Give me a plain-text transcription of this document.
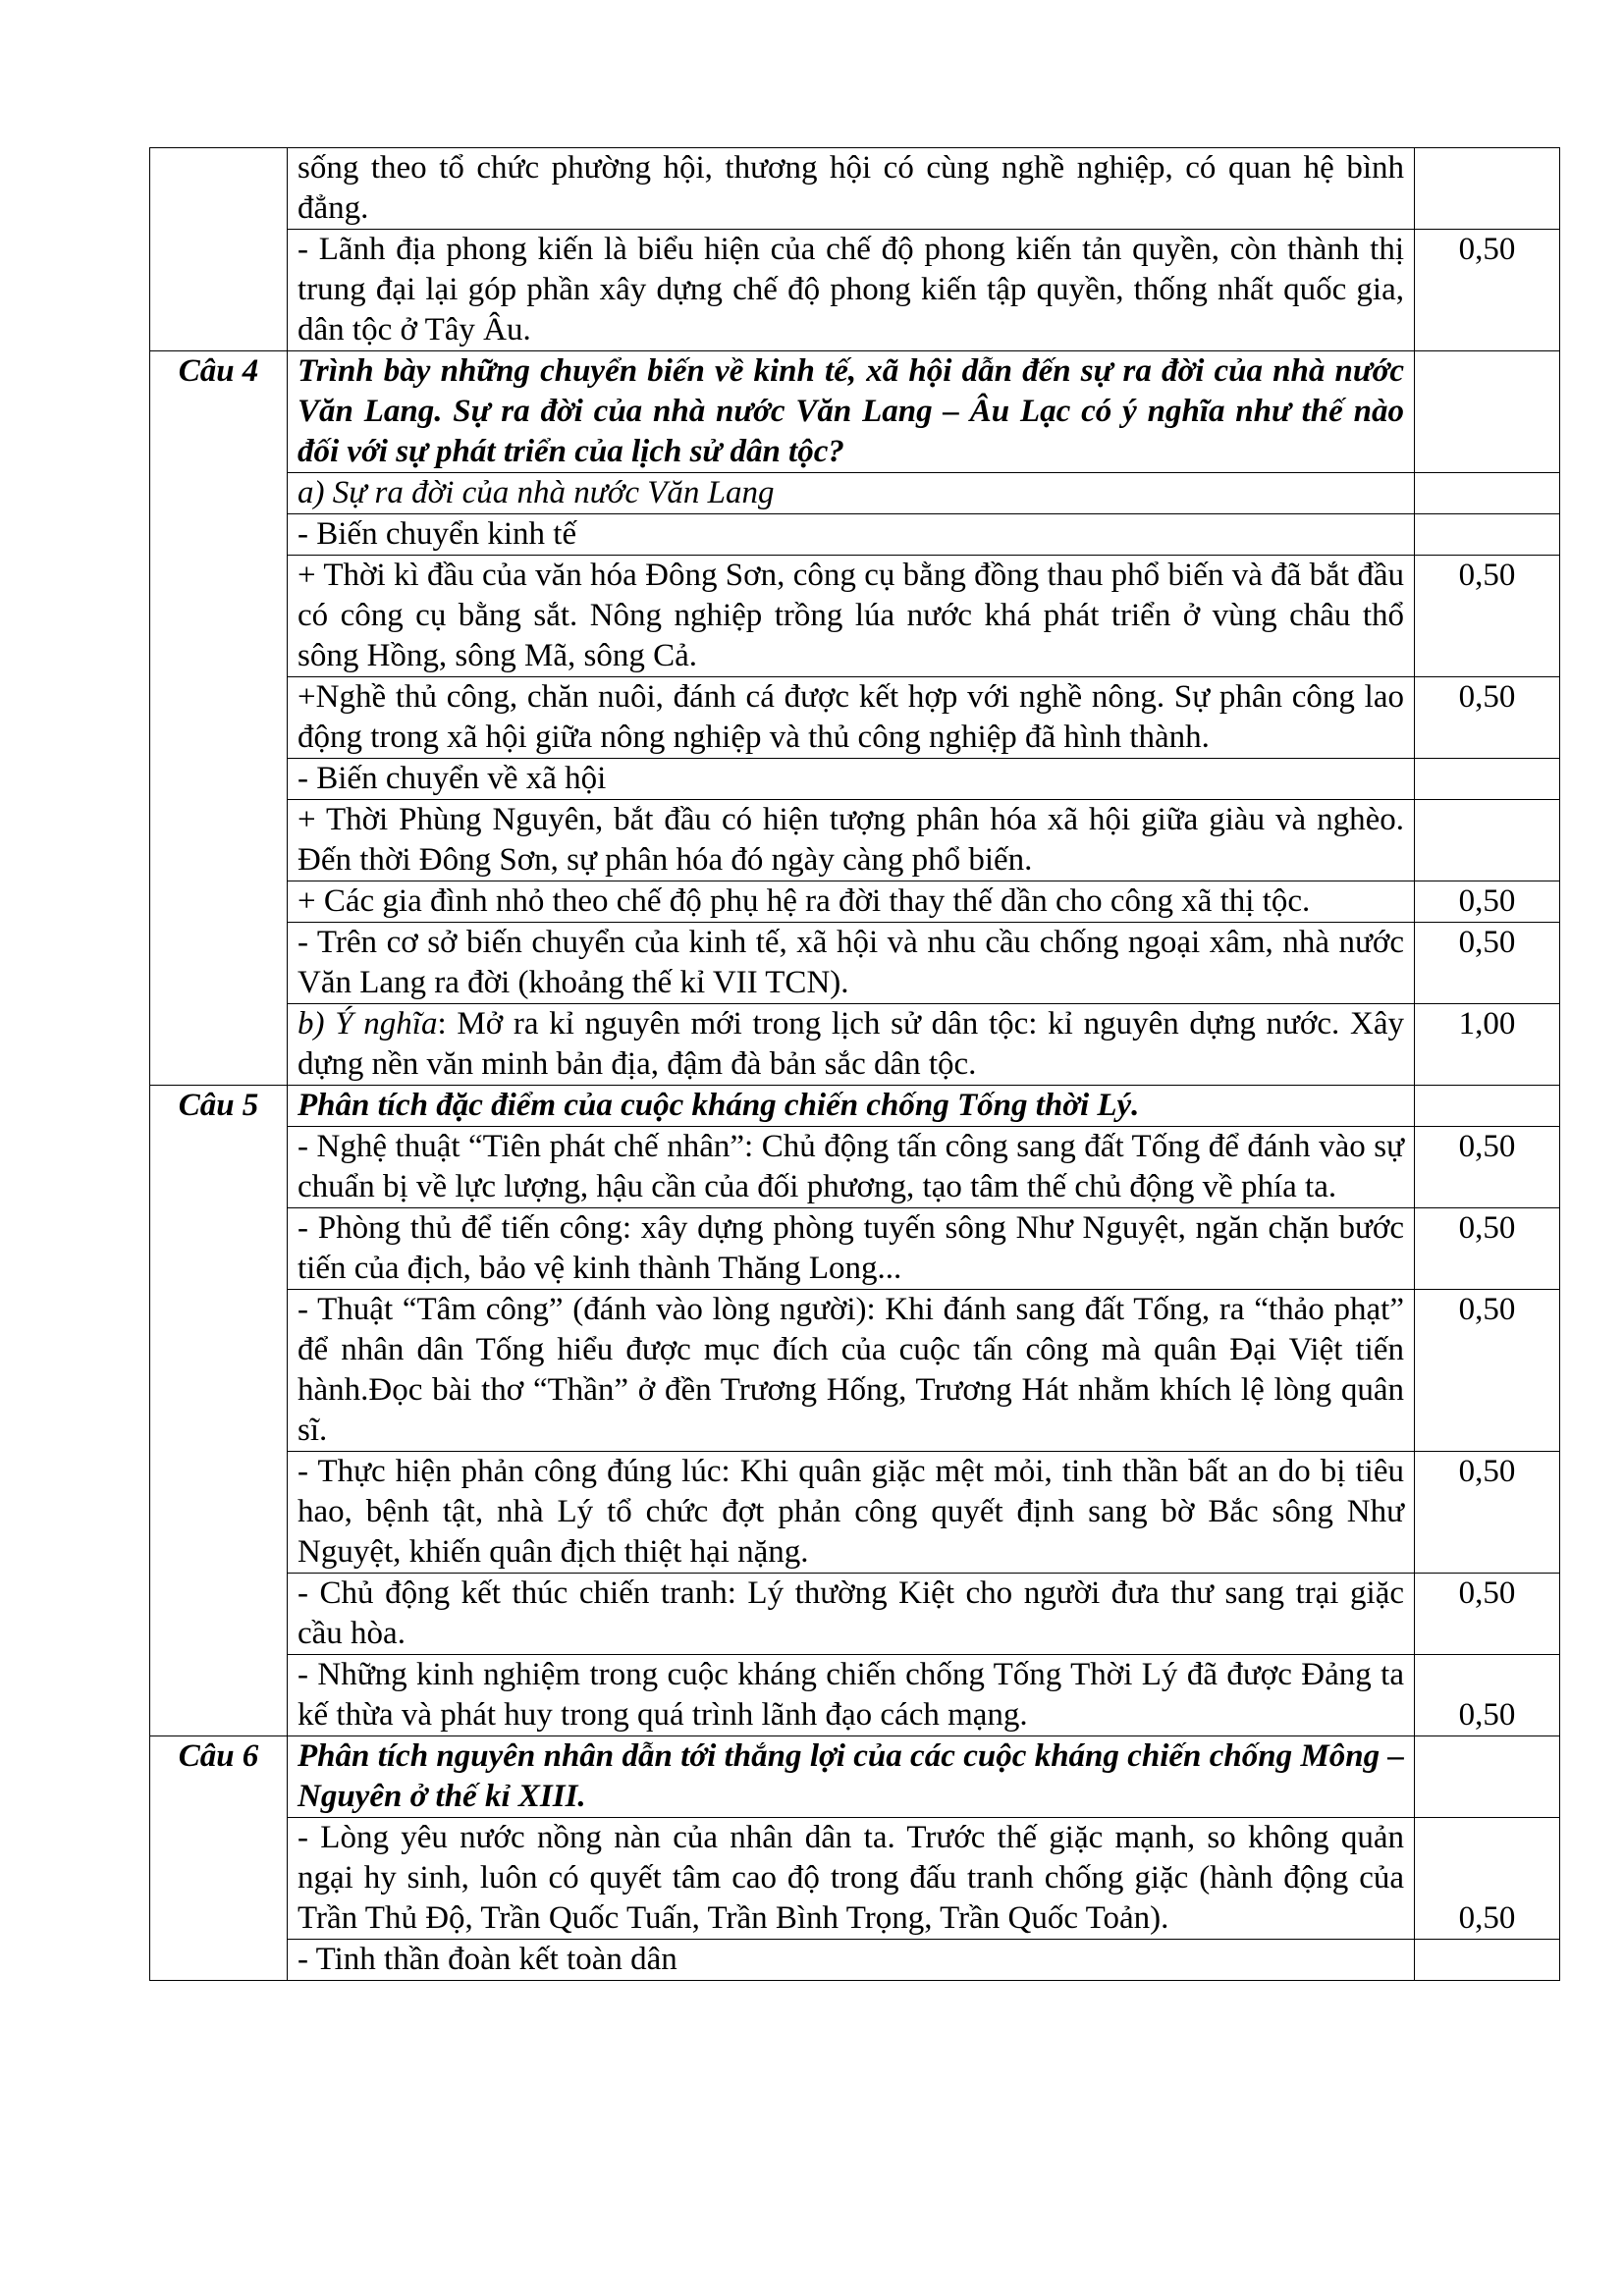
	sống theo tổ chức phường hội, thương hội có cùng nghề nghiệp, có quan hệ bình đẳng.	
	- Lãnh địa phong kiến là biểu hiện của chế độ phong kiến tản quyền, còn thành thị trung đại lại góp phần xây dựng chế độ phong kiến tập quyền, thống nhất quốc gia, dân tộc ở Tây Âu.	0,50
Câu 4	Trình bày những chuyển biến về kinh tế, xã hội dẫn đến sự ra đời của nhà nước Văn Lang. Sự ra đời của nhà nước Văn Lang – Âu Lạc có ý nghĩa như thế nào đối với sự phát triển của lịch sử dân tộc?	
	a) Sự ra đời của nhà nước Văn Lang	
	- Biến chuyển kinh tế	
	+ Thời kì đầu của văn hóa Đông Sơn, công cụ bằng đồng thau phổ biến và đã bắt đầu có công cụ bằng sắt. Nông nghiệp trồng lúa nước khá phát triển ở vùng châu thổ sông Hồng, sông Mã, sông Cả.	0,50
	+Nghề thủ công, chăn nuôi, đánh cá được kết hợp với nghề nông. Sự phân công lao động trong xã hội giữa nông nghiệp và thủ công nghiệp đã hình thành.	0,50
	- Biến chuyển về xã hội	
	+ Thời Phùng Nguyên, bắt đầu có hiện tượng phân hóa xã hội giữa giàu và nghèo. Đến thời Đông Sơn, sự phân hóa đó ngày càng phổ biến.	
	+ Các gia đình nhỏ theo chế độ phụ hệ ra đời thay thế dần cho công xã thị tộc.	0,50
	- Trên cơ sở biến chuyển của kinh tế, xã hội và nhu cầu chống ngoại xâm, nhà nước Văn Lang ra đời (khoảng thế kỉ VII TCN).	0,50
	b) Ý nghĩa: Mở ra kỉ nguyên mới trong lịch sử dân tộc: kỉ nguyên dựng nước. Xây dựng nền văn minh bản địa, đậm đà bản sắc dân tộc.	1,00
Câu 5	Phân tích đặc điểm của cuộc kháng chiến chống Tống thời Lý.	
	- Nghệ thuật “Tiên phát chế nhân”: Chủ động tấn công sang đất Tống để đánh vào sự chuẩn bị về lực lượng, hậu cần của đối phương, tạo tâm thế chủ động về phía ta.	0,50
	- Phòng thủ để tiến công: xây dựng phòng tuyến sông Như Nguyệt, ngăn chặn bước tiến của địch, bảo vệ kinh thành Thăng Long...	0,50
	- Thuật “Tâm công” (đánh vào lòng người): Khi đánh sang đất Tống, ra “thảo phạt” để nhân dân Tống hiểu được mục đích của cuộc tấn công mà quân Đại Việt tiến hành.Đọc bài thơ “Thần” ở đền Trương Hống, Trương Hát nhằm khích lệ lòng quân sĩ.	0,50
	- Thực hiện phản công đúng lúc: Khi quân giặc mệt mỏi, tinh thần bất an do bị tiêu hao, bệnh tật, nhà Lý tổ chức đợt phản công quyết định sang bờ Bắc sông Như Nguyệt, khiến quân địch thiệt hại nặng.	0,50
	- Chủ động kết thúc chiến tranh: Lý thường Kiệt cho người đưa thư sang trại giặc cầu hòa.	0,50
	- Những kinh nghiệm trong cuộc kháng chiến chống Tống Thời Lý đã được Đảng ta kế thừa và phát huy trong quá trình lãnh đạo cách mạng.	0,50
Câu 6	Phân tích nguyên nhân dẫn tới thắng lợi của các cuộc kháng chiến chống Mông – Nguyên ở thế kỉ XIII.	
	- Lòng yêu nước nồng nàn của nhân dân ta. Trước thế giặc mạnh, so không quản ngại hy sinh, luôn có quyết tâm cao độ trong đấu tranh chống giặc (hành động của Trần Thủ Độ, Trần Quốc Tuấn, Trần Bình Trọng, Trần Quốc Toản).	0,50
	- Tinh thần đoàn kết toàn dân	
